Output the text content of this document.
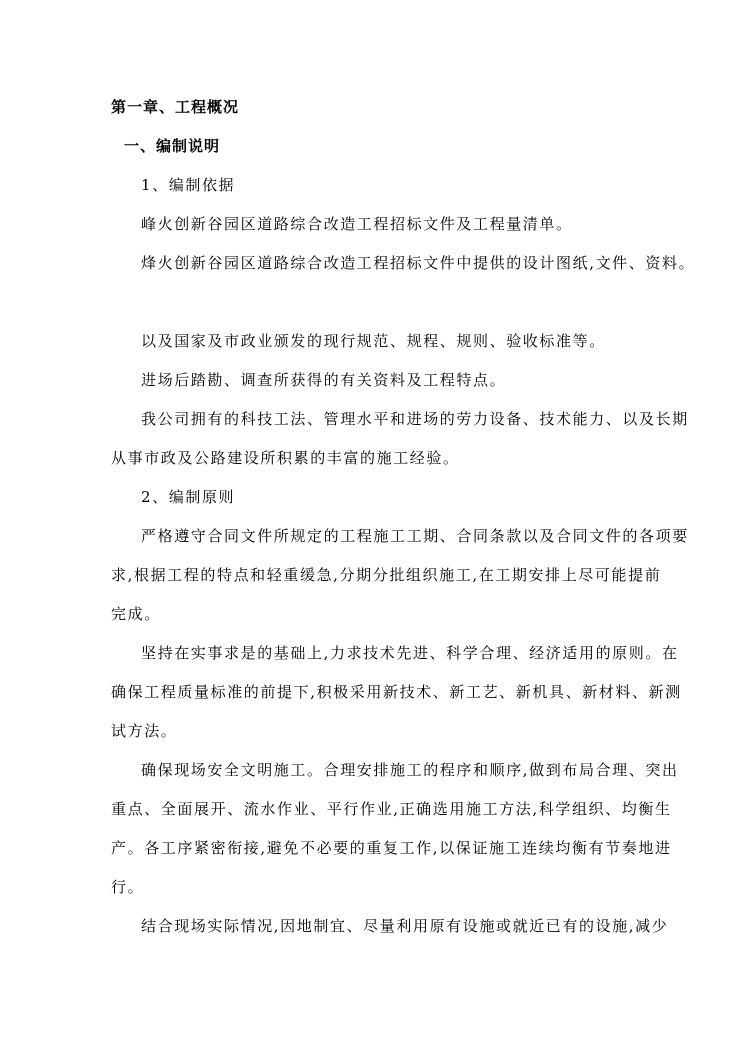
第一章、工程概况
一、编制说明
1、编制依据
峰火创新谷园区道路综合改造工程招标文件及工程量清单。
烽火创新谷园区道路综合改造工程招标文件中提供的设计图纸,文件、资料。
以及国家及市政业颁发的现行规范、规程、规则、验收标准等。
进场后踏勘、调查所获得的有关资料及工程特点。
我公司拥有的科技工法、管理水平和进场的劳力设备、技术能力、以及长期
从事市政及公路建设所积累的丰富的施工经验。
2、编制原则
严格遵守合同文件所规定的工程施工工期、合同条款以及合同文件的各项要
求,根据工程的特点和轻重缓急,分期分批组织施工,在工期安排上尽可能提前
完成。
坚持在实事求是的基础上,力求技术先进、科学合理、经济适用的原则。在
确保工程质量标准的前提下,积极采用新技术、新工艺、新机具、新材料、新测
试方法。
确保现场安全文明施工。合理安排施工的程序和顺序,做到布局合理、突出
重点、全面展开、流水作业、平行作业,正确选用施工方法,科学组织、均衡生
产。各工序紧密衔接,避免不必要的重复工作,以保证施工连续均衡有节奏地进
行。
结合现场实际情况,因地制宜、尽量利用原有设施或就近已有的设施,减少
